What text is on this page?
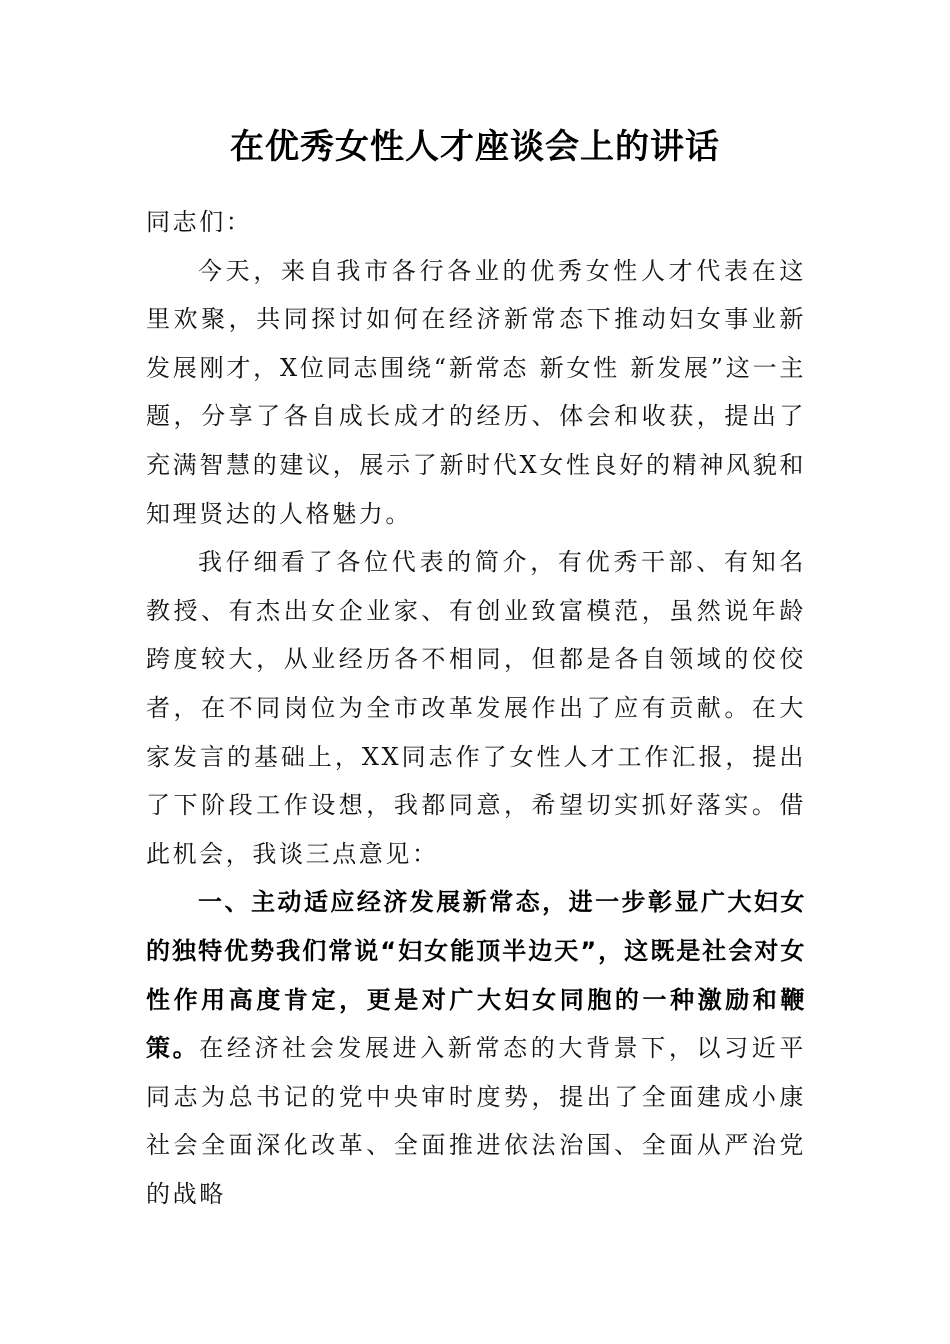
在优秀女性人才座谈会上的讲话

同志们：

今天，来自我市各行各业的优秀女性人才代表在这里欢聚，共同探讨如何在经济新常态下推动妇女事业新发展刚才，X位同志围绕“新常态 新女性 新发展”这一主题，分享了各自成长成才的经历、体会和收获，提出了充满智慧的建议，展示了新时代X女性良好的精神风貌和知理贤达的人格魅力。

我仔细看了各位代表的简介，有优秀干部、有知名教授、有杰出女企业家、有创业致富模范，虽然说年龄跨度较大，从业经历各不相同，但都是各自领域的佼佼者，在不同岗位为全市改革发展作出了应有贡献。在大家发言的基础上，XX同志作了女性人才工作汇报，提出了下阶段工作设想，我都同意，希望切实抓好落实。借此机会，我谈三点意见：

一、主动适应经济发展新常态，进一步彰显广大妇女的独特优势我们常说“妇女能顶半边天”，这既是社会对女性作用高度肯定，更是对广大妇女同胞的一种激励和鞭策。在经济社会发展进入新常态的大背景下，以习近平同志为总书记的党中央审时度势，提出了全面建成小康社会全面深化改革、全面推进依法治国、全面从严治党的战略
